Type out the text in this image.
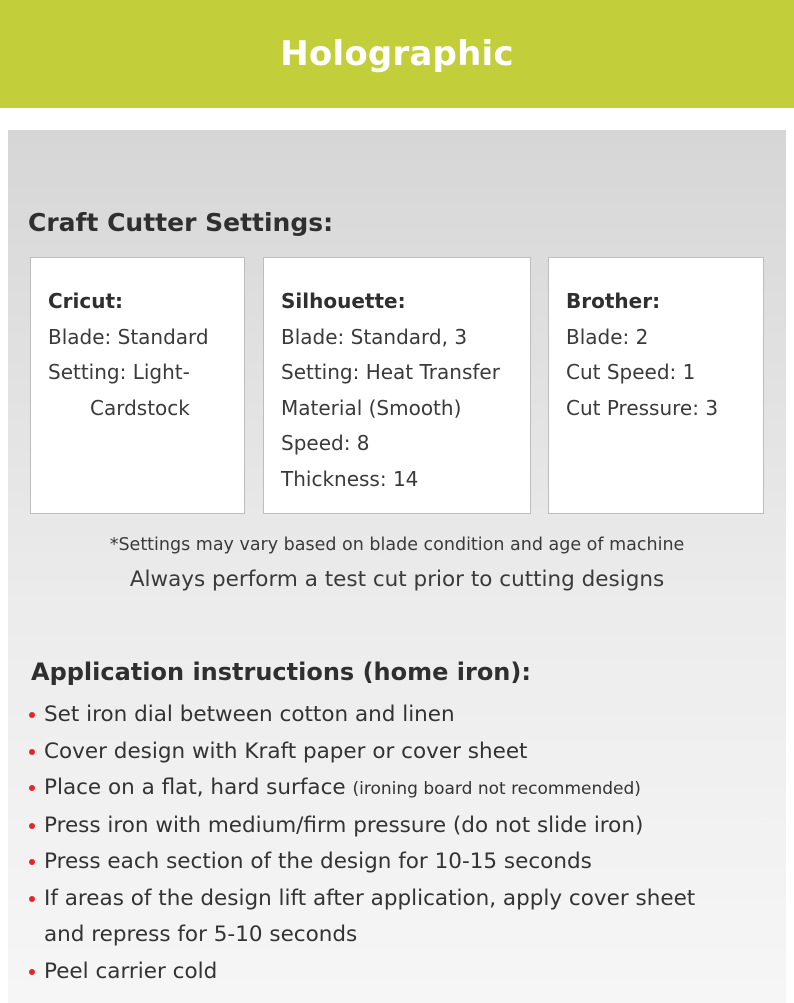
Holographic
Craft Cutter Settings:
Cricut:
Blade: Standard
Setting: Light-
Cardstock
Silhouette:
Blade: Standard, 3
Setting: Heat Transfer
Material (Smooth)
Speed: 8
Thickness: 14
Brother:
Blade: 2
Cut Speed: 1
Cut Pressure: 3
*Settings may vary based on blade condition and age of machine
Always perform a test cut prior to cutting designs
Application instructions (home iron):
Set iron dial between cotton and linen
Cover design with Kraft paper or cover sheet
Place on a flat, hard surface (ironing board not recommended)
Press iron with medium/firm pressure (do not slide iron)
Press each section of the design for 10-15 seconds
If areas of the design lift after application, apply cover sheet
and repress for 5-10 seconds
Peel carrier cold
